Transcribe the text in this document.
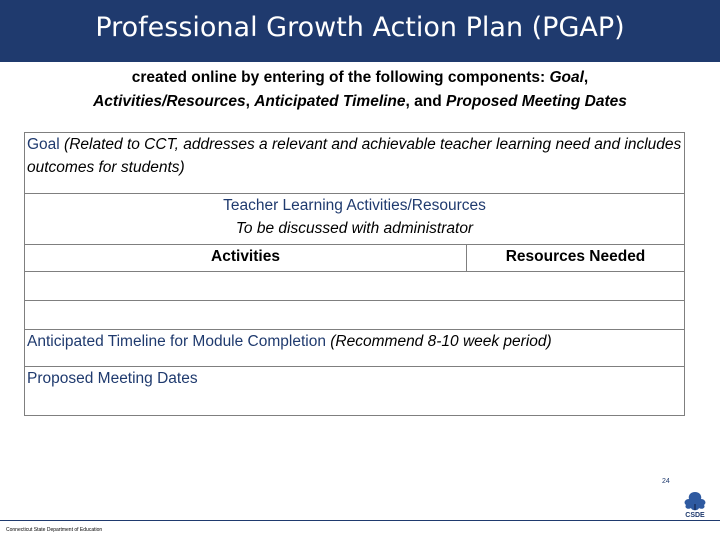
Professional Growth Action Plan (PGAP)
created online by entering of the following components: Goal,
Activities/Resources, Anticipated Timeline, and Proposed Meeting Dates
Goal (Related to CCT, addresses a relevant and achievable teacher learning need and includes outcomes for students)

Teacher Learning Activities/Resources
To be discussed with administrator

Activities	Resources Needed

Anticipated Timeline for Module Completion (Recommend 8-10 week period)
Proposed Meeting Dates
24
CSDE
Connecticut State Department of Education
